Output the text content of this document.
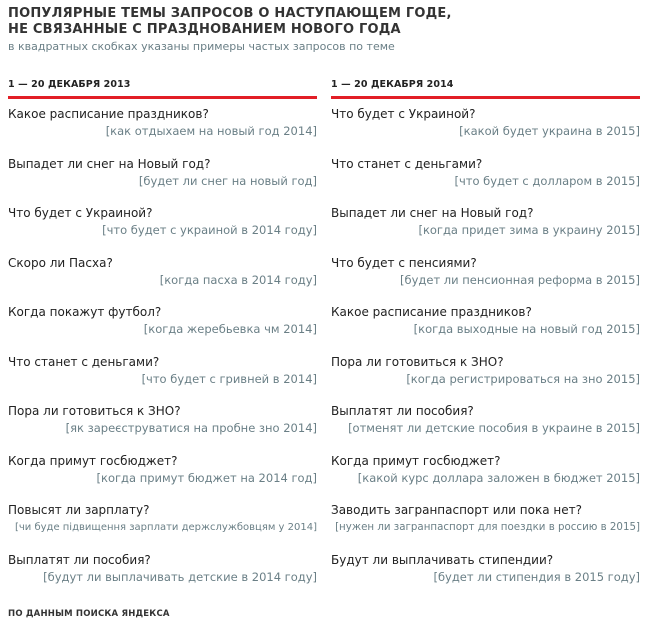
ПОПУЛЯРНЫЕ ТЕМЫ ЗАПРОСОВ О НАСТУПАЮЩЕМ ГОДЕ,

НЕ СВЯЗАННЫЕ С ПРАЗДНОВАНИЕМ НОВОГО ГОДА

в квадратных скобках указаны примеры частых запросов по теме

1 — 20 ДЕКАБРЯ 2013
Какое расписание праздников?
[как отдыхаем на новый год 2014]
Выпадет ли снег на Новый год?
[будет ли снег на новый год]
Что будет с Украиной?
[что будет с украиной в 2014 году]
Скоро ли Пасха?
[когда пасха в 2014 году]
Когда покажут футбол?
[когда жеребьевка чм 2014]
Что станет с деньгами?
[что будет с гривней в 2014]
Пора ли готовиться к ЗНО?
[як зареєструватися на пробне зно 2014]
Когда примут госбюджет?
[когда примут бюджет на 2014 год]
Повысят ли зарплату?
[чи буде підвищення зарплати держслужбовцям у 2014]
Выплатят ли пособия?
[будут ли выплачивать детские в 2014 году]
1 — 20 ДЕКАБРЯ 2014
Что будет с Украиной?
[какой будет украина в 2015]
Что станет с деньгами?
[что будет с долларом в 2015]
Выпадет ли снег на Новый год?
[когда придет зима в украину 2015]
Что будет с пенсиями?
[будет ли пенсионная реформа в 2015]
Какое расписание праздников?
[когда выходные на новый год 2015]
Пора ли готовиться к ЗНО?
[когда регистрироваться на зно 2015]
Выплатят ли пособия?
[отменят ли детские пособия в украине в 2015]
Когда примут госбюджет?
[какой курс доллара заложен в бюджет 2015]
Заводить загранпаспорт или пока нет?
[нужен ли загранпаспорт для поездки в россию в 2015]
Будут ли выплачивать стипендии?
[будет ли стипендия в 2015 году]
ПО ДАННЫМ ПОИСКА ЯНДЕКСА
